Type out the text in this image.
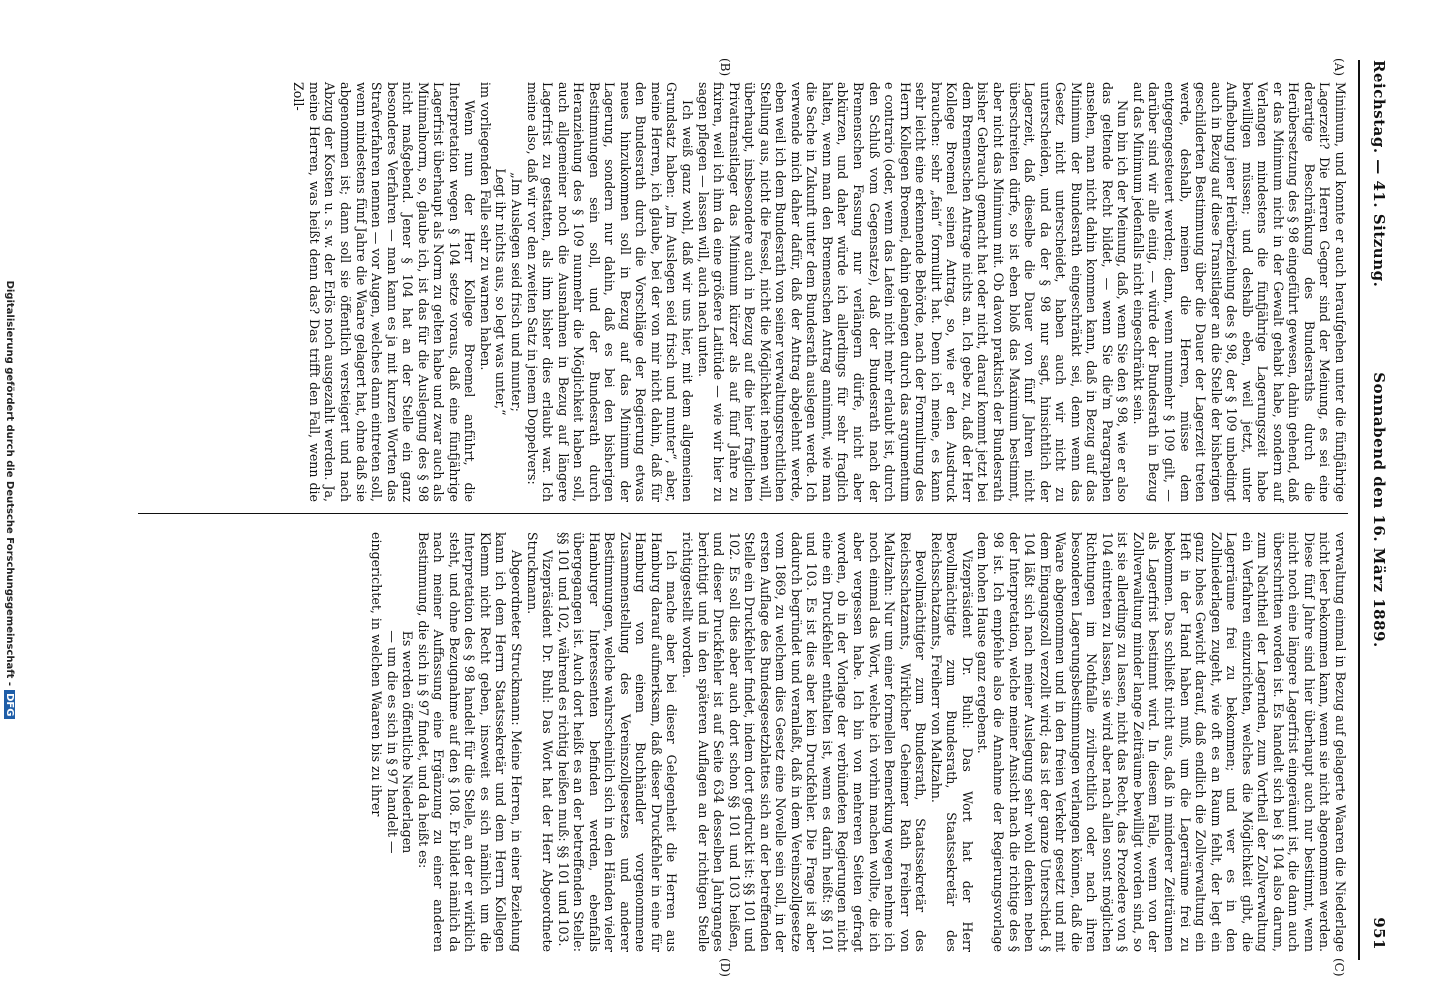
Reichstag. — 41. Sitzung.
Sonnabend den 16. März 1889.
951
(A)
(B)
(C)
(D)

Minimum, und konnte er auch heraufgehen unter die fünfjährige Lagerzeit? Die Herren Gegner sind der Meinung, es sei eine derartige Beschränkung des Bundesraths durch die Herübersetzung des § 98 eingeführt gewesen, dahin gehend, daß er das Minimum nicht in der Gewalt gehabt habe, sondern auf Verlangen mindestens die fünfjährige Lagerungszeit habe bewilligen müssen; und deshalb eben, weil jetzt, unter Aufhebung jener Herüberziehung des § 98, der § 109 unbedingt auch in Bezug auf diese Transitlager an die Stelle der bisherigen geschilderten Bestimmung über die Dauer der Lagerzeit treten werde, deshalb, meinen die Herren, müsse dem entgegengesteuert werden; denn, wenn nunmehr § 109 gilt, — darüber sind wir alle einig, — würde der Bundesrath in Bezug auf das Minimum jedenfalls nicht eingeschränkt sein.

Nun bin ich der Meinung, daß, wenn Sie den § 98, wie er also das geltende Recht bildet, — wenn Sie die'm Paragraphen ansehen, man nicht dahin kommen kann, daß in Bezug auf das Minimum der Bundesrath eingeschränkt sei, denn wenn das Gesetz nicht unterscheidet, haben auch wir nicht zu unterscheiden, und da der § 98 nur sagt, hinsichtlich der Lagerzeit, daß dieselbe die Dauer von fünf Jahren nicht überschreiten dürfe, so ist eben bloß das Maximum bestimmt, aber nicht das Minimum mit. Ob davon praktisch der Bundesrath bisher Gebrauch gemacht hat oder nicht, darauf kommt jetzt bei dem Bremenschen Antrage nichts an. Ich gebe zu, daß der Herr Kollege Broemel seinen Antrag, so, wie er den Ausdruck brauchen: sehr „fein“ formulirt hat. Denn ich meine, es kann sehr leicht eine erkennende Behörde, nach der Formulirung des Herrn Kollegen Broemel, dahin gelangen durch das argumentum e contrario (oder, wenn das Latein nicht mehr erlaubt ist, durch den Schluß vom Gegensatze), daß der Bundesrath nach der Bremenschen Fassung nur verlängern dürfe, nicht aber abkürzen, und daher würde ich allerdings für sehr fraglich halten, wenn man den Bremenschen Antrag annimmt, wie man die Sache in Zukunft unter dem Bundesrath auslegen werde. Ich verwende mich daher dafür, daß der Antrag abgelehnt werde, eben weil ich dem Bundesrath von seiner verwaltungsrechtlichen Stellung aus, nicht die Fessel, nicht die Möglichkeit nehmen will, überhaupt, insbesondere auch in Bezug auf die hier fraglichen Privattransitlager das Minimum kürzer als auf fünf Jahre zu fixiren, weil ich ihm da eine größere Latitüde — wie wir hier zu sagen pflegen — lassen will, auch nach unten.

Ich weiß ganz wohl, daß wir uns hier, mit dem allgemeinen Grundsatz haben: „Im Auslegen seid frisch und munter“, aber, meine Herren, ich glaube, bei der von mir nicht dahin, daß für den Bundesrath durch die Vorschläge der Regierung etwas neues hinzukommen soll in Bezug auf das Minimum der Lagerung, sondern nur dahin, daß es bei den bisherigen Bestimmungen sein soll, und der Bundesrath durch Heranziehung des § 109 nunmehr die Möglichkeit haben soll, auch allgemeiner noch die Ausnahmen in Bezug auf längere Lagerfrist zu gestatten, als ihm bisher dies erlaubt war. Ich meine also, daß wir vor den zweiten Satz in jenem Doppelvers:

„Im Auslegen seid frisch und munter;

Legt ihr nichts aus, so legt was unter,“

im vorliegenden Falle sehr zu warnen haben.

Wenn nun der Herr Kollege Broemel anführt, die Interpretation wegen § 104 setze voraus, daß eine fünfjährige Lagerfrist überhaupt als Norm zu gelten habe und zwar auch als Minimalnorm, so, glaube ich, ist das für die Auslegung des § 98 nicht maßgebend. Jener § 104 hat an der Stelle ein ganz besonderes Verfahren — man kann es ja mit kurzen Worten das Strafverfahren nennen — vor Augen, welches dann eintreten soll, wenn mindestens fünf Jahre die Waare gelagert hat, ohne daß sie abgenommen ist; dann soll sie öffentlich versteigert und nach Abzug der Kosten u. s. w. der Erlös noch ausgezahlt werden. Ja, meine Herren, was heißt denn das? Das trifft den Fall, wenn die Zoll-

verwaltung einmal in Bezug auf gelagerte Waaren die Niederlage nicht leer bekommen kann, wenn sie nicht abgenommen werden. Diese fünf Jahre sind hier überhaupt auch nur bestimmt, wenn nicht noch eine längere Lagerfrist eingeräumt ist, die dann auch überschritten worden ist. Es handelt sich bei § 104 also darum, zum Nachtheil der Lagernden, zum Vortheil der Zollverwaltung ein Verfahren einzurichten, welches die Möglichkeit gibt, die Lagerräume frei zu bekommen; und wer es in den Zollniederlagen zugeht, wie oft es an Raum fehlt, der legt ein ganz hohes Gewicht darauf, daß endlich die Zollverwaltung ein Heft in der Hand haben muß, um die Lagerräume frei zu bekommen. Das schließt nicht aus, daß in minderer Zeiträumen als Lagerfrist bestimmt wird. In diesem Falle, wenn von der Zollverwaltung minder lange Zeiträume bewilligt worden sind, so ist sie allerdings zu lassen, nicht das Recht, das Prozedere von § 104 eintreten zu lassen, sie wird aber nach allen sonst möglichen Richtungen im Nothfalle zivilrechtlich oder nach ihren besonderen Lagerungsbestimmungen verlangen können, daß die Waare abgenommen und in den freien Verkehr gesetzt und mit dem Eingangszoll verzollt wird; das ist der ganze Unterschied. § 104 läßt sich nach meiner Auslegung sehr wohl denken neben der Interpretation, welche meiner Ansicht nach die richtige des § 98 ist. Ich empfehle also die Annahme der Regierungsvorlage dem hohen Hause ganz ergebenst.

Vizepräsident Dr. Buhl: Das Wort hat der Herr Bevollmächtigte zum Bundesrath, Staatssekretär des Reichsschatzamts, Freiherr von Maltzahn.

Bevollmächtigter zum Bundesrath, Staatssekretär des Reichsschatzamts, Wirklicher Geheimer Rath Freiherr von Maltzahn: Nur um einer formellen Bemerkung wegen nehme ich noch einmal das Wort, welche ich vorhin machen wollte, die ich aber vergessen habe. Ich bin von mehreren Seiten gefragt worden, ob in der Vorlage der verbündeten Regierungen nicht eine ein Druckfehler enthalten ist, wenn es darin heißt: §§ 101 und 103. Es ist dies aber kein Druckfehler. Die Frage ist aber dadurch begründet und veranlaßt, daß in dem Vereinszollgesetze vom 1869, zu welchem dies Gesetz eine Novelle sein soll, in der ersten Auflage des Bundesgesetzblattes sich an der betreffenden Stelle ein Druckfehler findet, indem dort gedruckt ist: §§ 101 und 102. Es soll dies aber auch dort schon §§ 101 und 103 heißen, und dieser Druckfehler ist auf Seite 634 desselben Jahrganges berichtigt und in den späteren Auflagen an der richtigen Stelle richtiggestellt worden.

Ich mache aber bei dieser Gelegenheit die Herren aus Hamburg darauf aufmerksam, daß dieser Druckfehler in eine für Hamburg von einem Buchhändler vorgenommene Zusammenstellung des Vereinszollgesetzes und anderer Bestimmungen, welche wahrscheinlich sich in den Händen vieler Hamburger Interessenten befinden werden, ebenfalls übergegangen ist. Auch dort heißt es an der betreffenden Stelle: §§ 101 und 102, während es richtig heißen muß: §§ 101 und 103.

Vizepräsident Dr. Buhl: Das Wort hat der Herr Abgeordnete Struckmann.

Abgeordneter Struckmann: Meine Herren, in einer Beziehung kann ich dem Herrn Staatssekretär und dem Herrn Kollegen Klemm nicht Recht geben, insoweit es sich nämlich um die Interpretation des § 98 handelt für die Stelle, an der er wirklich steht, und ohne Bezugnahme auf den § 108. Er bildet nämlich da nach meiner Auffassung eine Ergänzung zu einer anderen Bestimmung, die sich in § 97 findet, und da heißt es:

Es werden öffentliche Niederlagen

— um die es sich in § 97 handelt —

eingerichtet, in welchen Waaren bis zu ihrer

Digitalisierung gefördert durch die Deutsche Forschungsgemeinschaft -DFG
